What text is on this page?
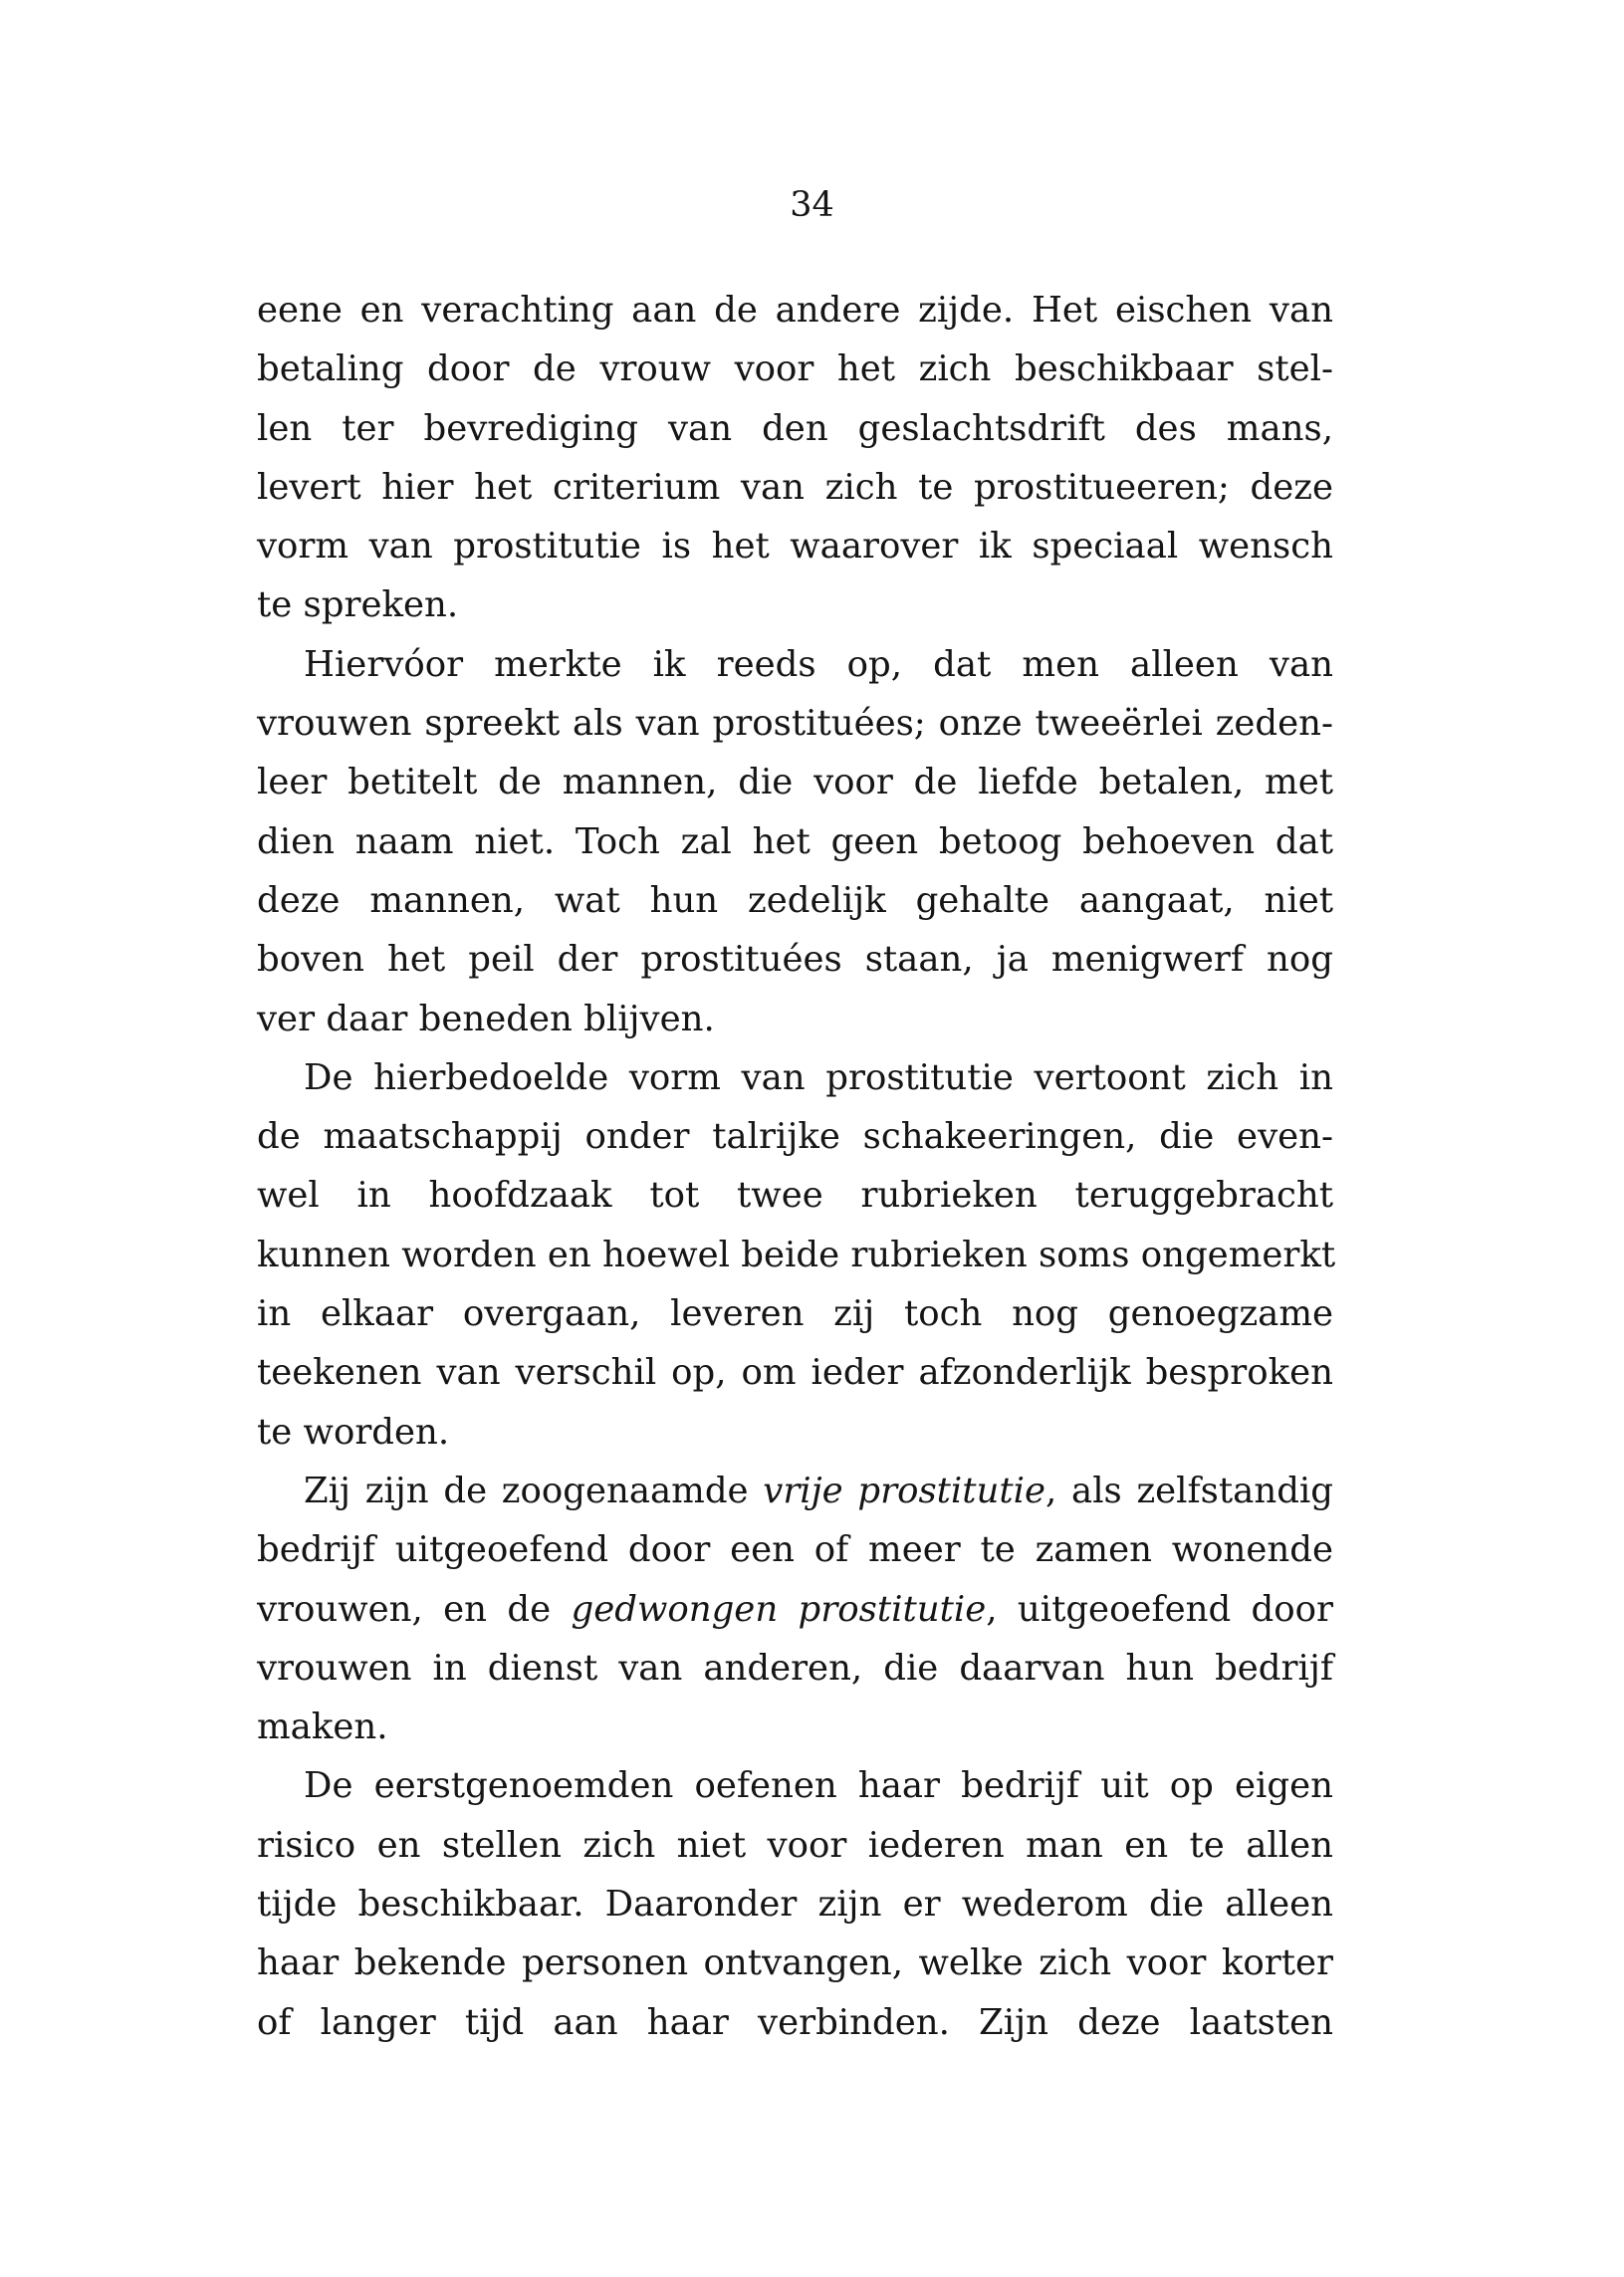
34
eene en verachting aan de andere zijde. Het eischen van
betaling door de vrouw voor het zich beschikbaar stel-
len ter bevrediging van den geslachtsdrift des mans,
levert hier het criterium van zich te prostitueeren; deze
vorm van prostitutie is het waarover ik speciaal wensch
te spreken.
Hiervóor merkte ik reeds op, dat men alleen van
vrouwen spreekt als van prostituées; onze tweeërlei zeden-
leer betitelt de mannen, die voor de liefde betalen, met
dien naam niet. Toch zal het geen betoog behoeven dat
deze mannen, wat hun zedelijk gehalte aangaat, niet
boven het peil der prostituées staan, ja menigwerf nog
ver daar beneden blijven.
De hierbedoelde vorm van prostitutie vertoont zich in
de maatschappij onder talrijke schakeeringen, die even-
wel in hoofdzaak tot twee rubrieken teruggebracht
kunnen worden en hoewel beide rubrieken soms ongemerkt
in elkaar overgaan, leveren zij toch nog genoegzame
teekenen van verschil op, om ieder afzonderlijk besproken
te worden.
Zij zijn de zoogenaamde vrije prostitutie, als zelfstandig
bedrijf uitgeoefend door een of meer te zamen wonende
vrouwen, en de gedwongen prostitutie, uitgeoefend door
vrouwen in dienst van anderen, die daarvan hun bedrijf
maken.
De eerstgenoemden oefenen haar bedrijf uit op eigen
risico en stellen zich niet voor iederen man en te allen
tijde beschikbaar. Daaronder zijn er wederom die alleen
haar bekende personen ontvangen, welke zich voor korter
of langer tijd aan haar verbinden. Zijn deze laatsten
